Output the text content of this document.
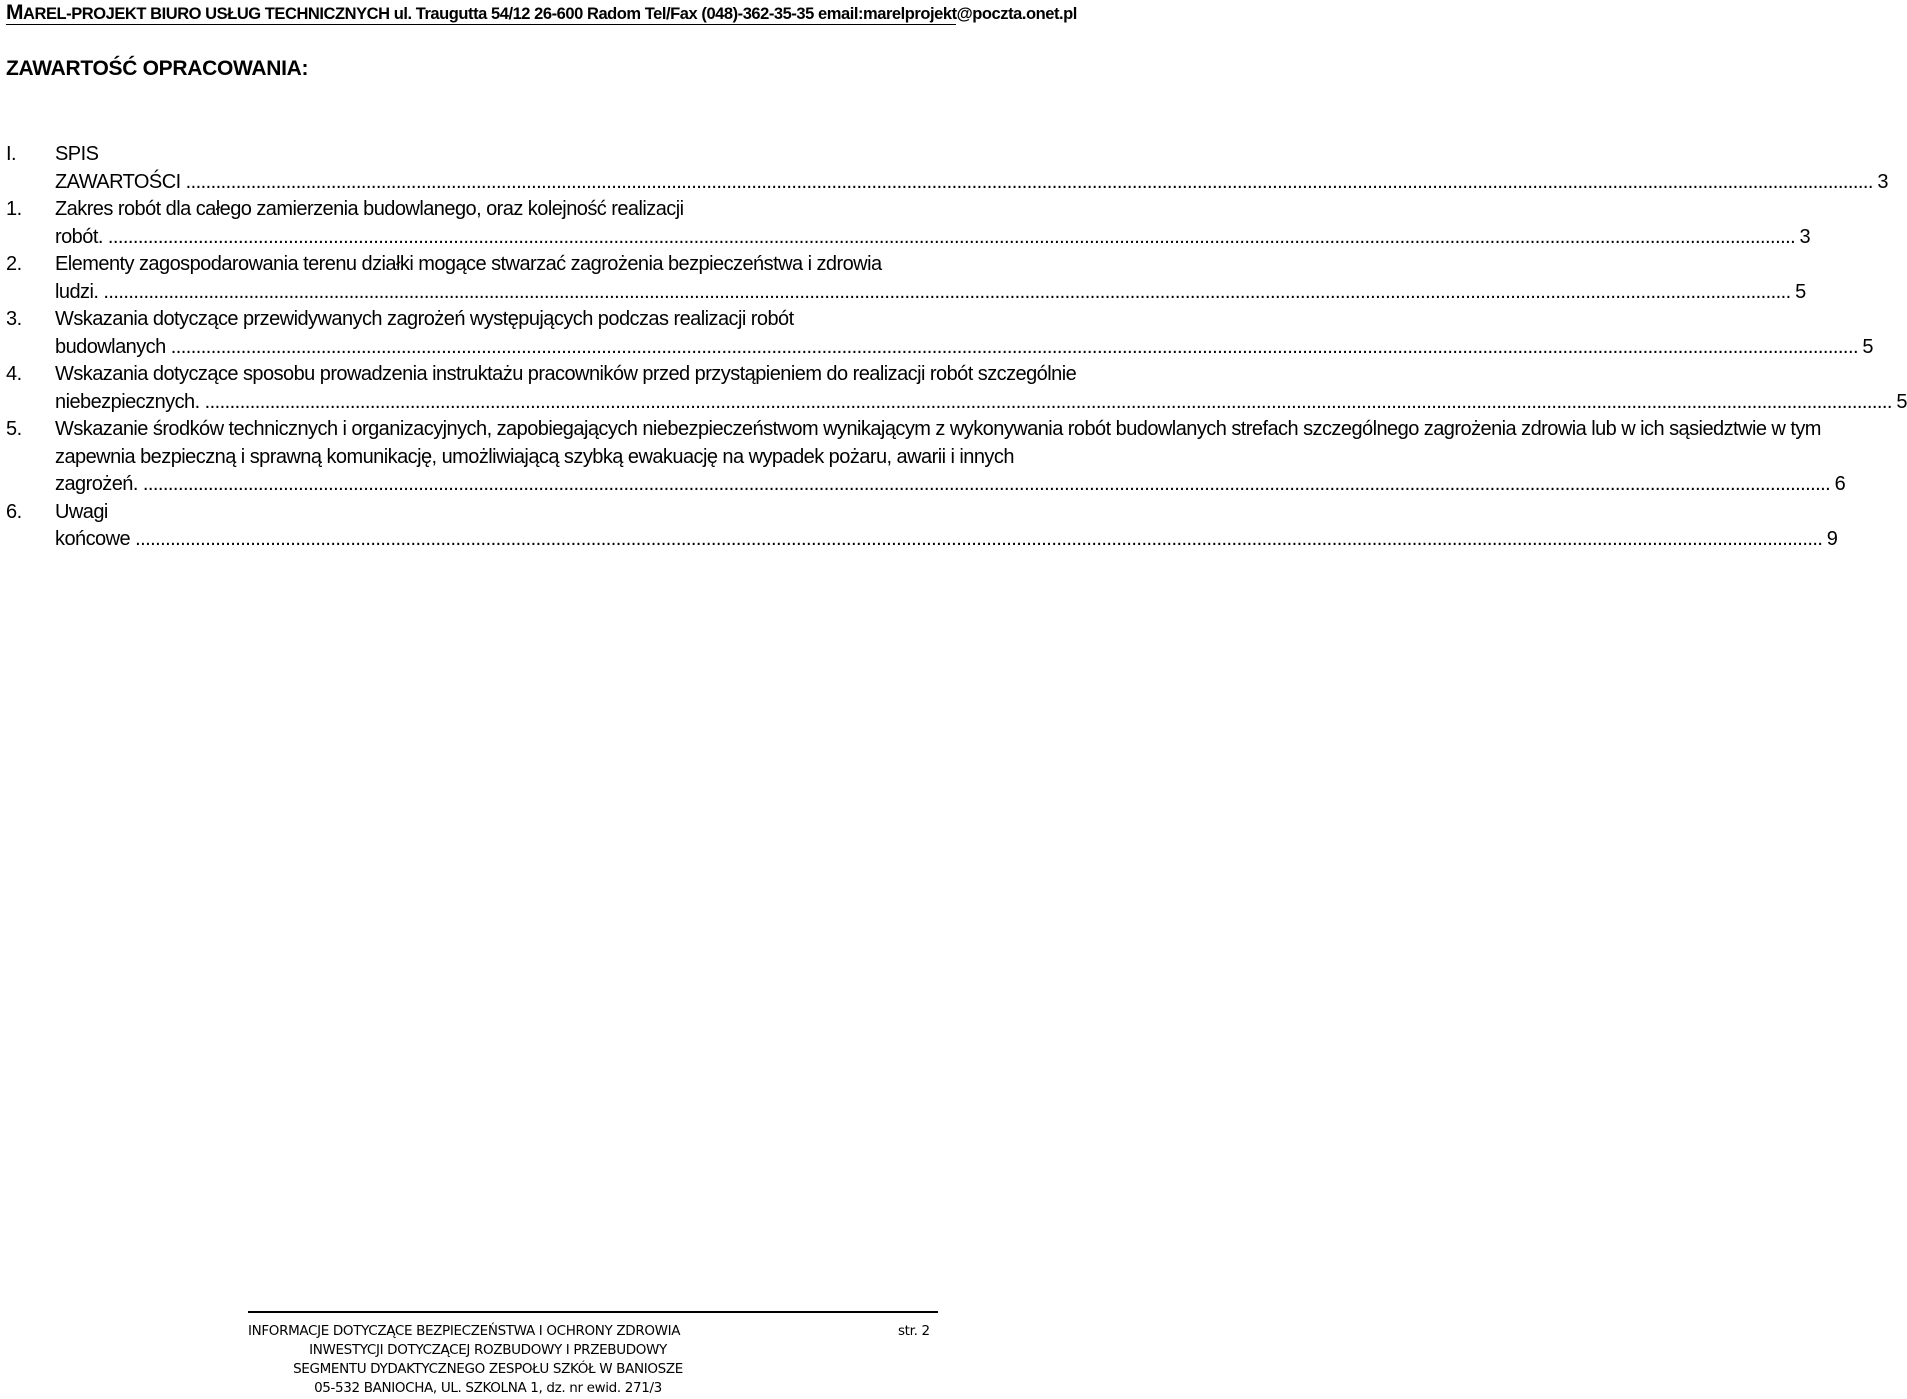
MAREL-PROJEKT BIURO USŁUG TECHNICZNYCH ul. Traugutta 54/12 26-600 Radom Tel/Fax (048)-362-35-35 email:marelprojekt@poczta.onet.pl
ZAWARTOŚĆ OPRACOWANIA:
I.	SPIS ZAWARTOŚCI .....	3
1.	Zakres robót dla całego zamierzenia budowlanego, oraz kolejność realizacji robót. .....	3
2.	Elementy zagospodarowania terenu działki mogące stwarzać zagrożenia bezpieczeństwa i zdrowia ludzi. .....	5
3.	Wskazania dotyczące przewidywanych zagrożeń występujących podczas realizacji robót budowlanych .....	5
4.	Wskazania dotyczące sposobu prowadzenia instruktażu pracowników przed przystąpieniem do realizacji robót szczególnie niebezpiecznych. .....	5
5.	Wskazanie środków technicznych i organizacyjnych, zapobiegających niebezpieczeństwom wynikającym z wykonywania robót budowlanych strefach szczególnego zagrożenia zdrowia lub w ich sąsiedztwie w tym zapewnia bezpieczną i sprawną komunikację, umożliwiającą szybką ewakuację na wypadek pożaru, awarii i innych zagrożeń. .....	6
6.	Uwagi końcowe .....	9
INFORMACJE DOTYCZĄCE BEZPIECZEŃSTWA I OCHRONY ZDROWIA	str. 2
INWESTYCJI DOTYCZĄCEJ ROZBUDOWY I PRZEBUDOWY
SEGMENTU DYDAKTYCZNEGO ZESPOŁU SZKÓŁ W BANIOSZE
05-532 BANIOCHA, UL. SZKOLNA 1, dz. nr ewid. 271/3
